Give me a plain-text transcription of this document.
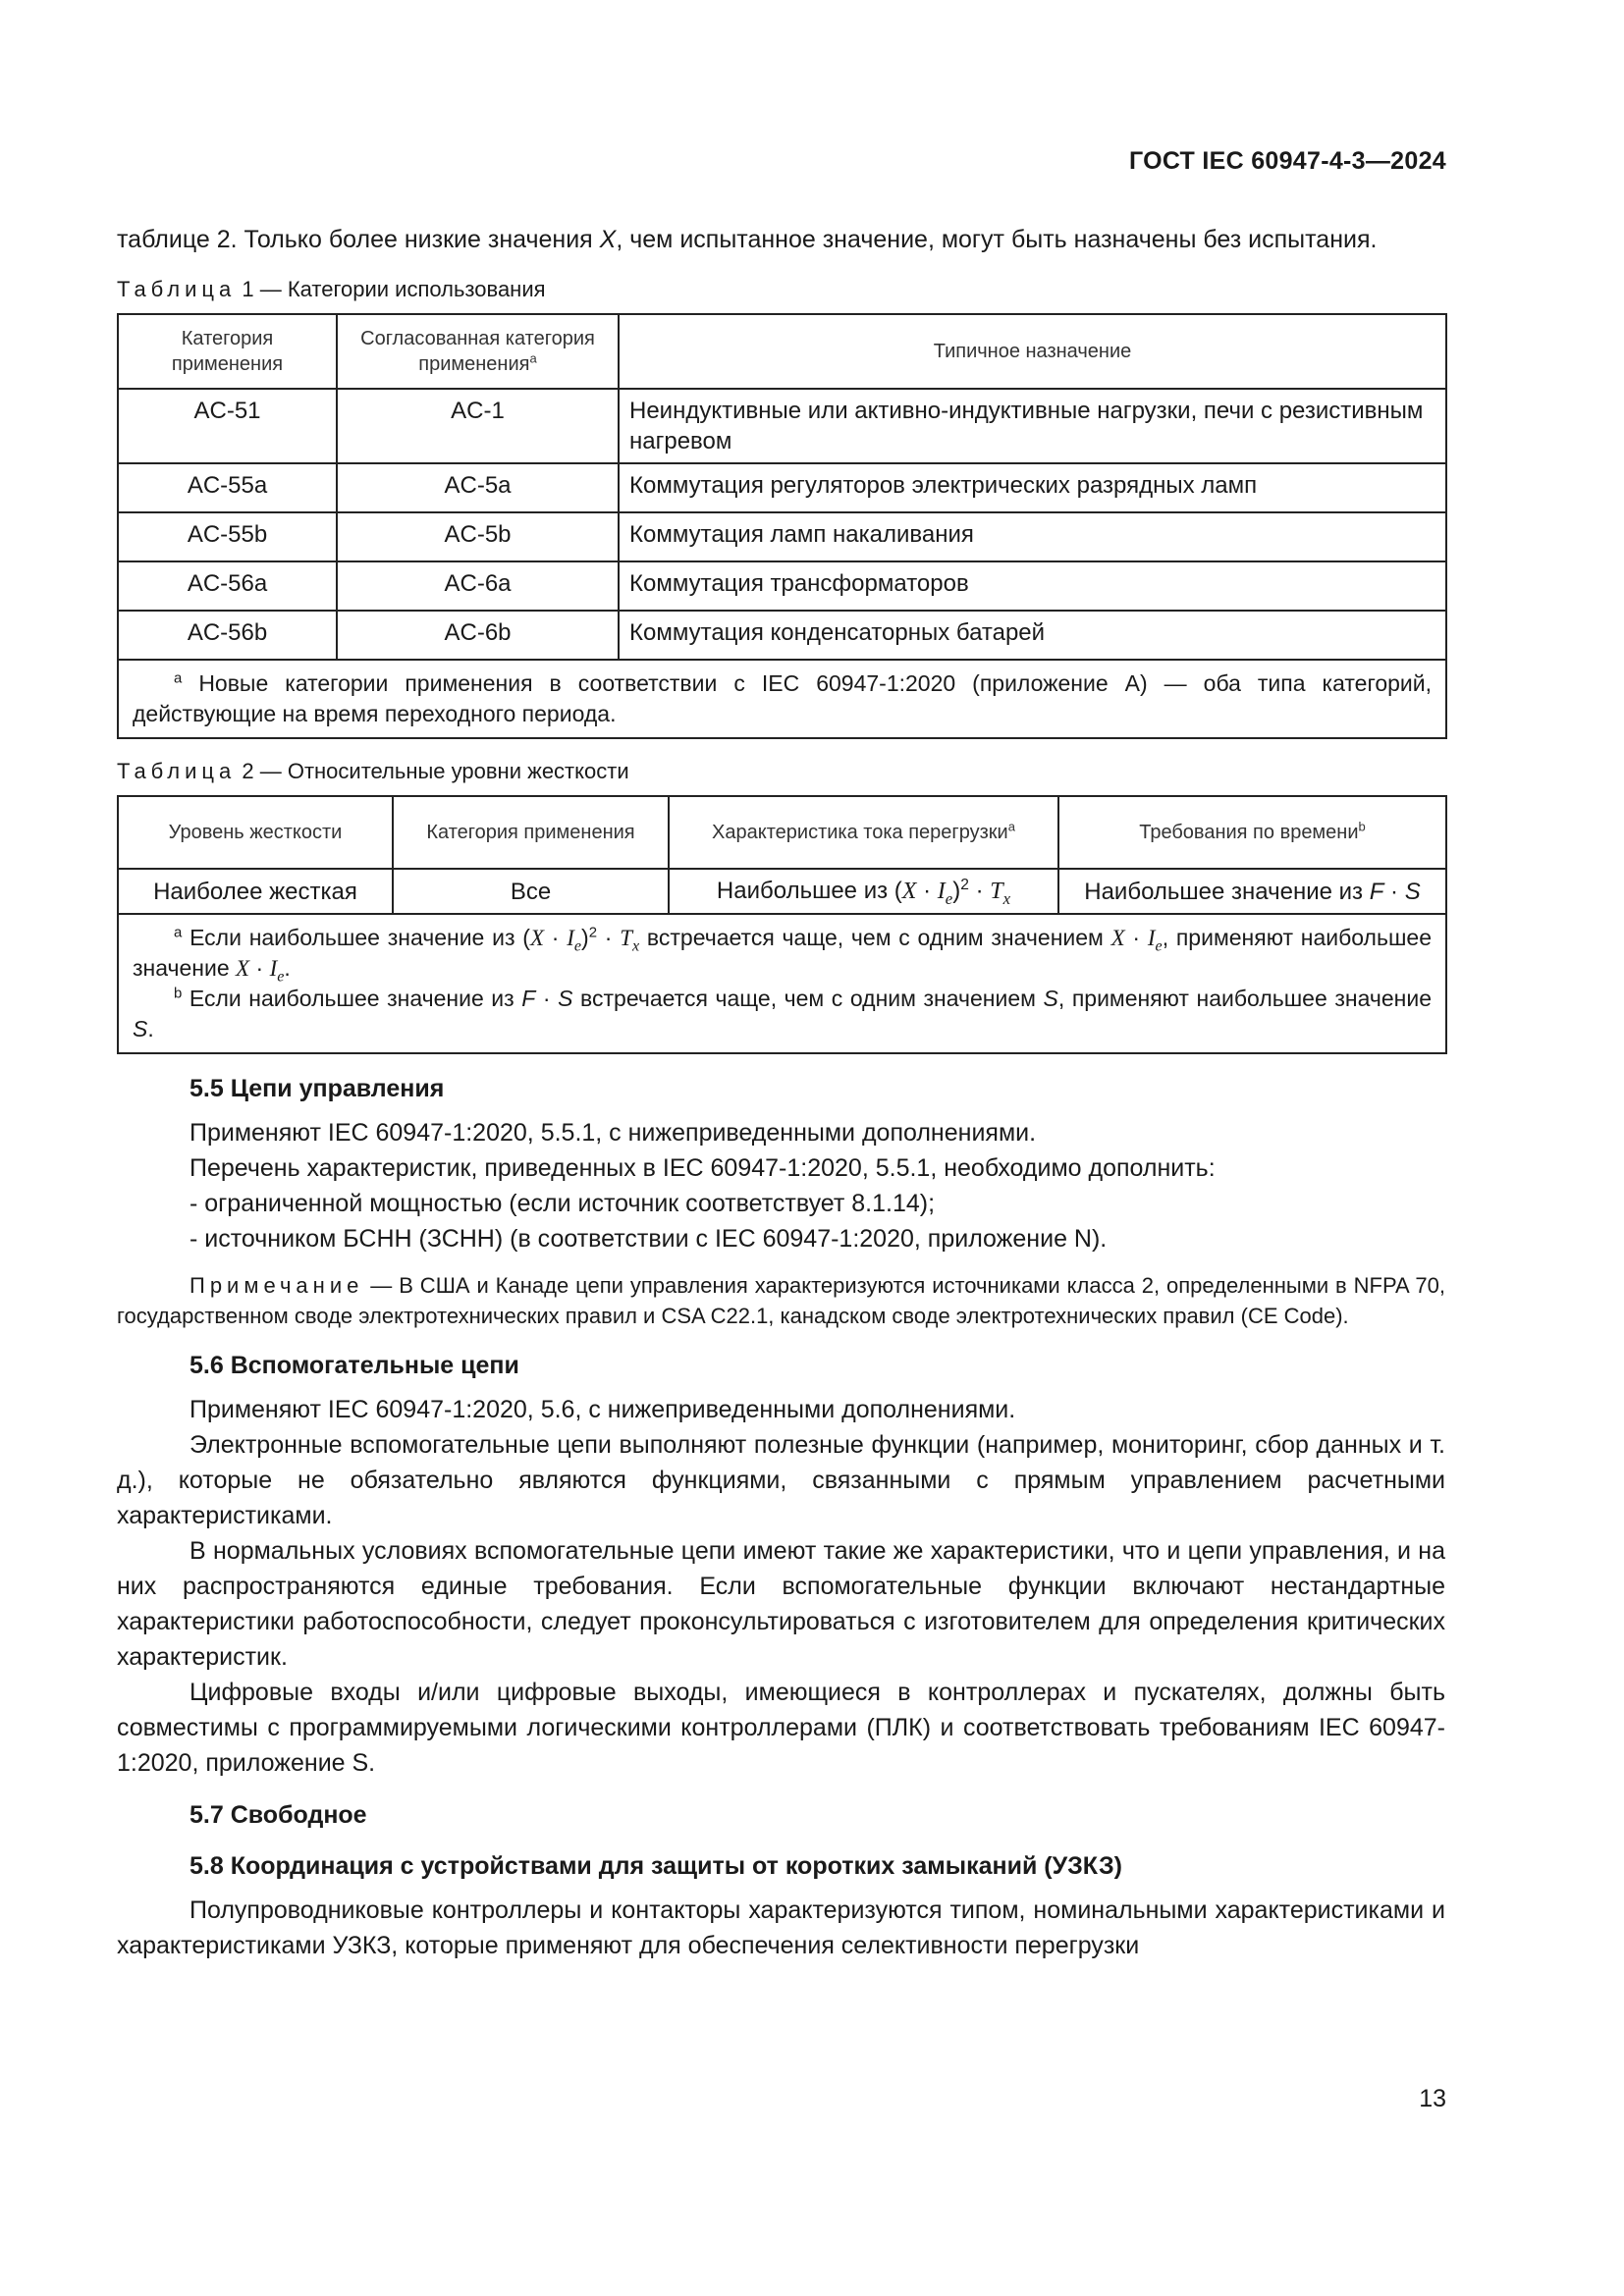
ГОСТ IEC 60947-4-3—2024

таблице 2. Только более низкие значения X, чем испытанное значение, могут быть назначены без испытания.

Таблица 1 — Категории использования
Категория применения	Согласованная категория применения$^a$	Типичное назначение
AC-51	AC-1	Неиндуктивные или активно-индуктивные нагрузки, печи с резистивным нагревом
AC-55a	AC-5a	Коммутация регуляторов электрических разрядных ламп
AC-55b	AC-5b	Коммутация ламп накаливания
AC-56a	AC-6a	Коммутация трансформаторов
AC-56b	AC-6b	Коммутация конденсаторных батарей

$^a$ Новые категории применения в соответствии с IEC 60947-1:2020 (приложение А) — оба типа категорий, действующие на время переходного периода.		
Таблица 2 — Относительные уровни жесткости
Уровень жесткости	Категория применения	Характеристика тока перегрузки$^a$	Требования по времени$^b$
Наиболее жесткая	Все	Наибольшее из $(X \cdot I_e)^2 \cdot T_x$	Наибольшее значение из F · S

$^a$ Если наибольшее значение из $(X \cdot I_e)^2 \cdot T_x$ встречается чаще, чем с одним значением $X \cdot I_e$, применяют наибольшее значение $X \cdot I_e$.
$^b$ Если наибольшее значение из F · S встречается чаще, чем с одним значением S, применяют наибольшее значение S.			
5.5 Цепи управления

Применяют IEC 60947-1:2020, 5.5.1, с нижеприведенными дополнениями.

Перечень характеристик, приведенных в IEC 60947-1:2020, 5.5.1, необходимо дополнить:

- ограниченной мощностью (если источник соответствует 8.1.14);

- источником БСНН (ЗСНН) (в соответствии с IEC 60947-1:2020, приложение N).

Примечание — В США и Канаде цепи управления характеризуются источниками класса 2, определенными в NFPA 70, государственном своде электротехнических правил и CSA C22.1, канадском своде электротехнических правил (CE Code).

5.6 Вспомогательные цепи

Применяют IEC 60947-1:2020, 5.6, с нижеприведенными дополнениями.

Электронные вспомогательные цепи выполняют полезные функции (например, мониторинг, сбор данных и т. д.), которые не обязательно являются функциями, связанными с прямым управлением расчетными характеристиками.

В нормальных условиях вспомогательные цепи имеют такие же характеристики, что и цепи управления, и на них распространяются единые требования. Если вспомогательные функции включают нестандартные характеристики работоспособности, следует проконсультироваться с изготовителем для определения критических характеристик.

Цифровые входы и/или цифровые выходы, имеющиеся в контроллерах и пускателях, должны быть совместимы с программируемыми логическими контроллерами (ПЛК) и соответствовать требованиям IEC 60947-1:2020, приложение S.

5.7 Свободное
5.8 Координация с устройствами для защиты от коротких замыканий (УЗКЗ)

Полупроводниковые контроллеры и контакторы характеризуются типом, номинальными характеристиками и характеристиками УЗКЗ, которые применяют для обеспечения селективности перегрузки

13
